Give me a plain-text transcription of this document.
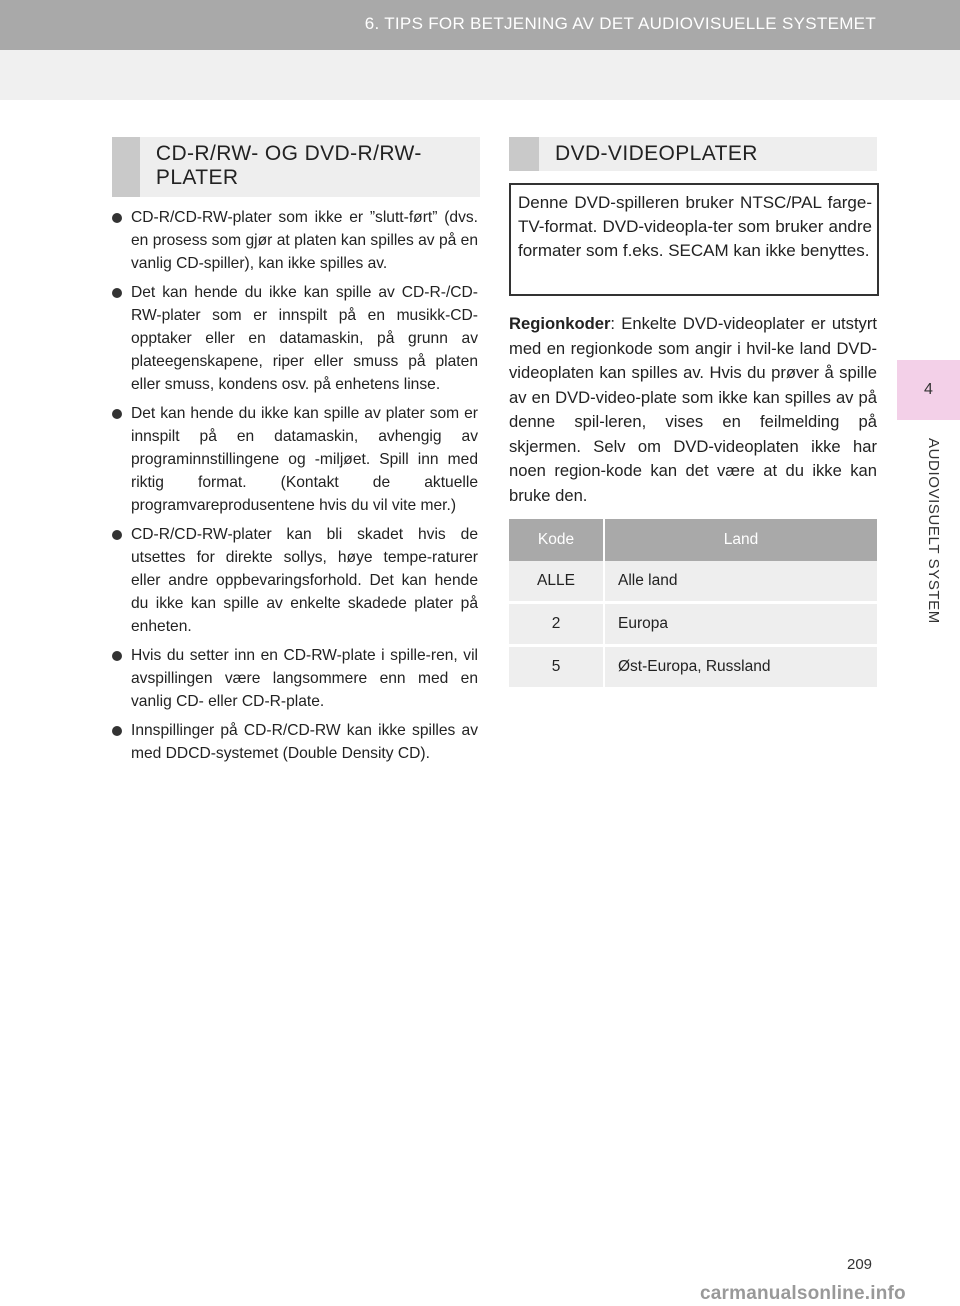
6. TIPS FOR BETJENING AV DET AUDIOVISUELLE SYSTEMET
4
AUDIOVISUELT SYSTEM
CD-R/RW- OG DVD-R/RW-PLATER
CD-R/CD-RW-plater som ikke er ”slutt-ført” (dvs. en prosess som gjør at platen kan spilles av på en vanlig CD-spiller), kan ikke spilles av.
Det kan hende du ikke kan spille av CD-R-/CD-RW-plater som er innspilt på en musikk-CD-opptaker eller en datamaskin, på grunn av plateegenskapene, riper eller smuss på platen eller smuss, kondens osv. på enhetens linse.
Det kan hende du ikke kan spille av plater som er innspilt på en datamaskin, avhengig av programinnstillingene og -miljøet. Spill inn med riktig format. (Kontakt de aktuelle programvareprodusentene hvis du vil vite mer.)
CD-R/CD-RW-plater kan bli skadet hvis de utsettes for direkte sollys, høye tempe-raturer eller andre oppbevaringsforhold. Det kan hende du ikke kan spille av enkelte skadede plater på enheten.
Hvis du setter inn en CD-RW-plate i spille-ren, vil avspillingen være langsommere enn med en vanlig CD- eller CD-R-plate.
Innspillinger på CD-R/CD-RW kan ikke spilles av med DDCD-systemet (Double Density CD).
DVD-VIDEOPLATER
Denne DVD-spilleren bruker NTSC/PAL farge-TV-format. DVD-videopla-ter som bruker andre formater som f.eks. SECAM kan ikke benyttes.

Regionkoder: Enkelte DVD-videoplater er utstyrt med en regionkode som angir i hvil-ke land DVD-videoplaten kan spilles av. Hvis du prøver å spille av en DVD-video-plate som ikke kan spilles av på denne spil-leren, vises en feilmelding på skjermen. Selv om DVD-videoplaten ikke har noen region-kode kan det være at du ikke kan bruke den.

Kode	Land
ALLE	Alle land
2	Europa
5	Øst-Europa, Russland
209
carmanualsonline.info
